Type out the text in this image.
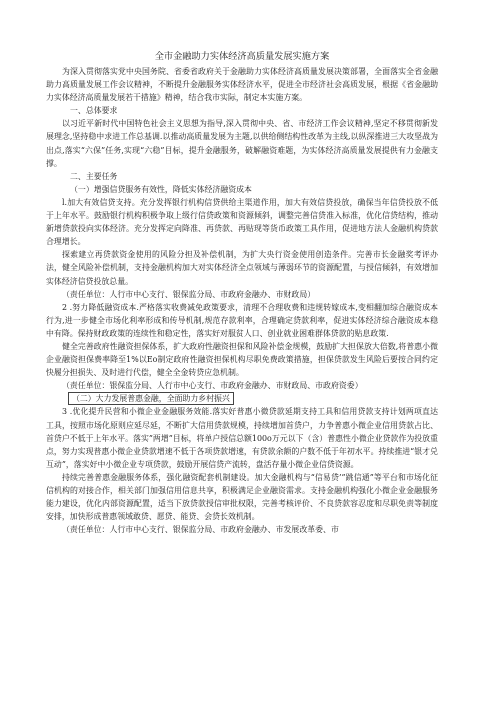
全市金融助力实体经济高质量发展实施方案

为深入贯彻落实党中央国务院、省委省政府关于金融助力实体经济高质量发展决策部署，全面落实全省金融助力高质量发展工作会议精神，不断提升金融服务实体经济水平，促进全市经济社会高质发展，根据《省金融助力实体经济高质量发展若干措施》精神，结合我市实际，制定本实施方案。

一、总体要求

以习近平新时代中国特色社会主义思想为指导,深入贯彻中央、省、市经济工作会议精神,坚定不移贯彻新发展理念,坚持稳中求进工作总基调.以推动高质量发展为主题,以供给侧结构性改革为主线,以纵深推进三大攻坚战为出点,落实“六保”任务,实现“六稳”目标，提升金融服务，破解融资难题，为实体经济高质量发展提供有力金融支撑。

二、主要任务

（一）增强信贷服务有效性，降低实体经济融资成本

l.加大有效信贷支持。充分发挥银行机构信贷供给主渠道作用，加大有效信贷投放，确保当年信贷投放不低于上年水平。鼓励银行机构积极争取上级行信贷政策和资源倾斜，调整完善信贷准入标准，优化信贷结构，推动新增贷款投向实体经济。充分发挥定向降准、再贷款、再贴现等货币政策工具作用，促进地方法人金融机构贷款合理增长。

探索建立再贷款资金使用的风险分担及补偿机制，为扩大央行资金使用创造条件。完善市长金融奖考评办法，健全风险补偿机制，支持金融机构加大对实体经济全点领域与薄弱环节的资源配置，与授信倾斜，有效增加实体经济信贷投放总量。

（责任单位：人行市中心支行、银保监分局、市政府金融办、市财政局）

2 .努力降低融资成本.严格落实收费减免政策要求，清理不合理收费和违规转嫁成本,变相翻加综合融资成本行为,进一步健全市场化利率形成和传导机制,规范存款利率，合理确定贷款利率，促进实体经济综合融资成本稳中有降。保持财政政策的连续性和稳定性，落实好对服贫人口、创业就业困难群体贷款的贴息政策.

健全完善政府性融资担保体系，扩大政府性融资担保和风险补偿金规模，鼓励扩大担保放大倍数,将普惠小微企业融资担保费率降至1%以Eo制定政府性融资担保机构尽职免费政策措施，担保贷款发生风险后要按合同约定快履分担损失、及时进行代偿，健全全金转贷应急机制。

（责任单位：银保监分局、人行市中心支行、市政府金融办、市财政局、市政府资委）

（二）大力发展普惠金融，全面助力乡村振兴

3 .优化提升民营和小微企业金融服务效能.落实好普惠小微贷款延期支持工具和信用贷款支持计划两项直达工具，按照市场化原则应延尽延，不断扩大信用贷款规模，持续增加首贷户，力争普惠小微企业信用贷款占比、首贷户不低于上年水平。落实”两增”目标，将单户授信总额100o万元以下（含）普惠性小微企业贷款作为投放重点，努力实现普惠小微企业贷款增速不低于各项贷款增速，有贷款余额的户数不低于年初水平。持续推进“银才兑互动”，落实好中小微企业专项贷款，鼓励开展信贷产流转，盘活存量小微企业信贷资源。

持续完善普惠金融服务体系，强化融资配套机制建设。加大金融机构与“信易贷’”跳信通”等平台和市场化征信机构的对接合作，相关部门加强信用信息共享，积极满足企业融资需求。支持金融机构强化小微企业金融服务能力建设，优化内部资源配置，适当下放贷款授信审批权限，完善考核评价、不良贷款容忍度和尽职免责等制度安排，加快形成普惠领域敢贷、愿贷、能贷、会贷长效机制。

（责任单位：人行市中心支行、银保监分局、市政府金融办、市发展改革委、市
